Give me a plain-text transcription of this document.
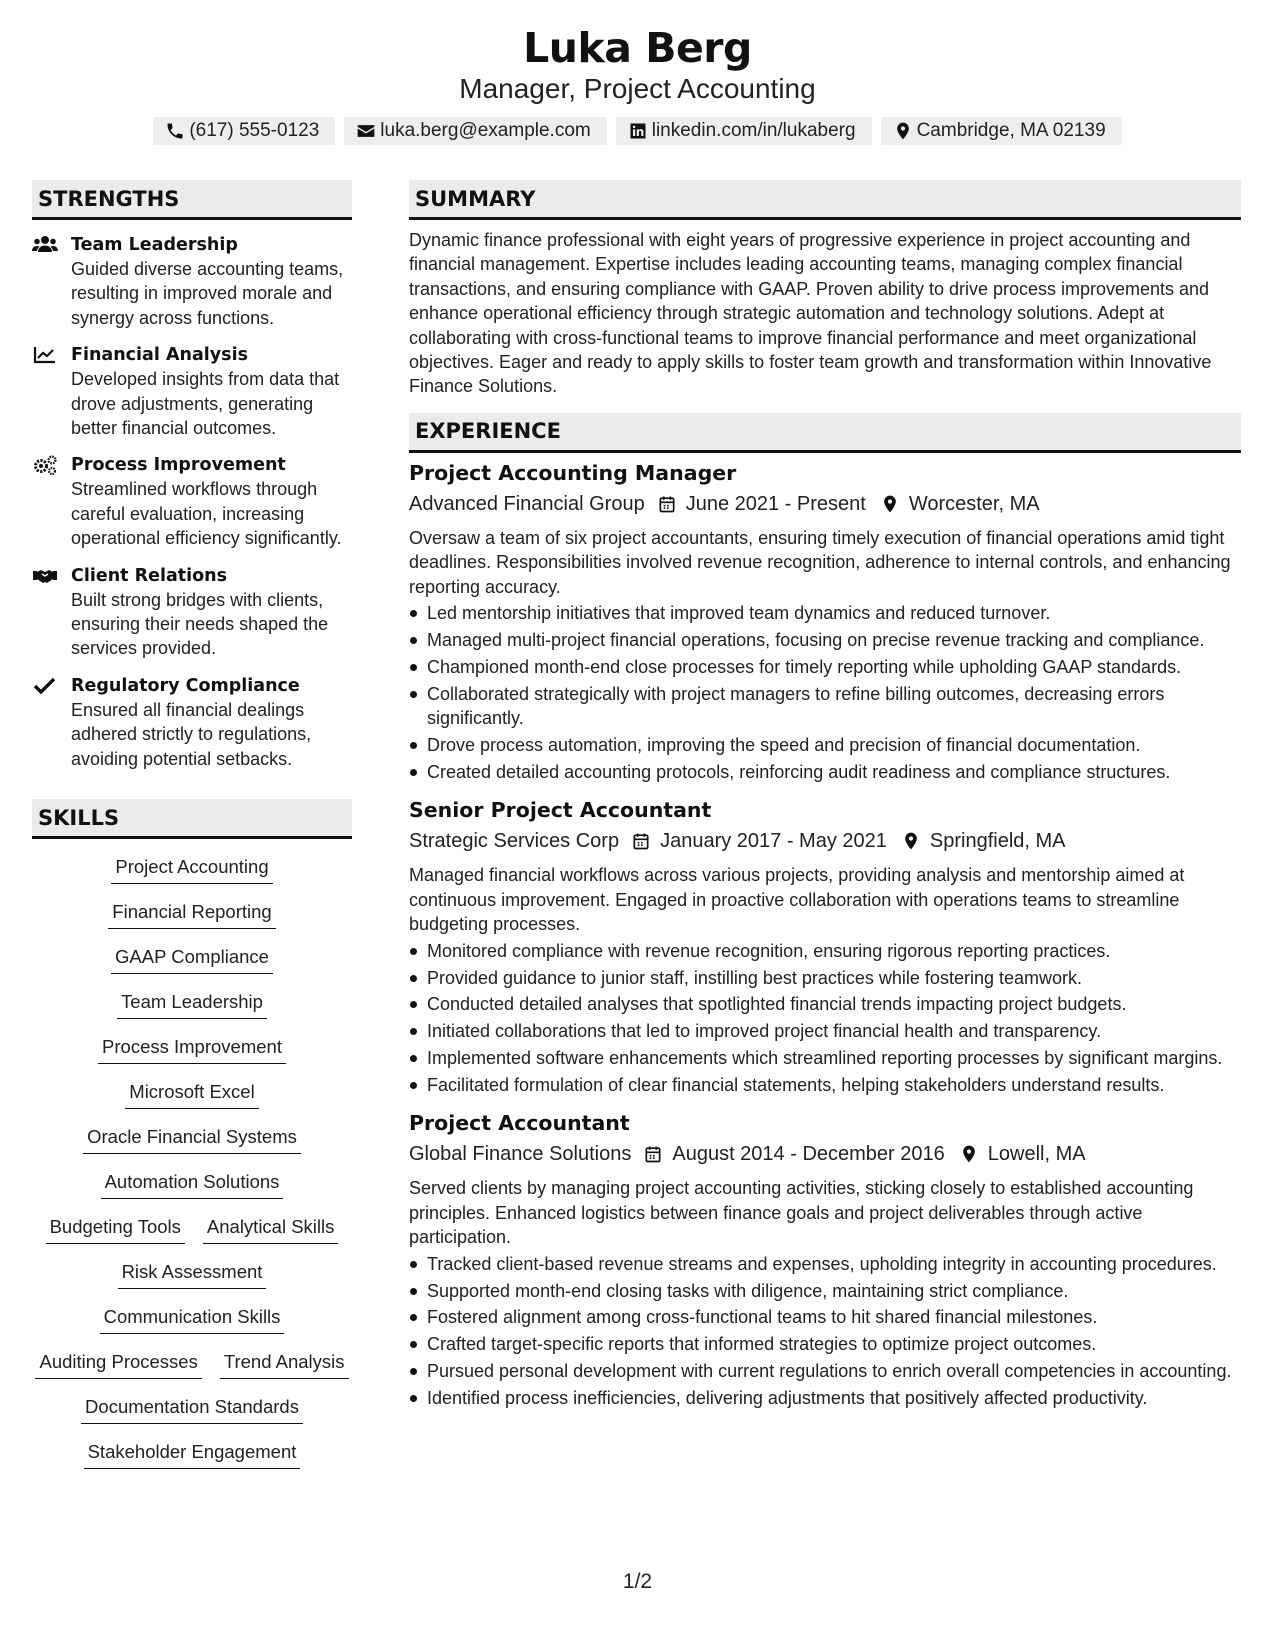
Luka Berg
Manager, Project Accounting
(617) 555-0123	luka.berg@example.com	linkedin.com/in/lukaberg	Cambridge, MA 02139
STRENGTHS
Team Leadership
Guided diverse accounting teams, resulting in improved morale and synergy across functions.
Financial Analysis
Developed insights from data that drove adjustments, generating better financial outcomes.
Process Improvement
Streamlined workflows through careful evaluation, increasing operational efficiency significantly.
Client Relations
Built strong bridges with clients, ensuring their needs shaped the services provided.
Regulatory Compliance
Ensured all financial dealings adhered strictly to regulations, avoiding potential setbacks.
SKILLS
Project Accounting
Financial Reporting
GAAP Compliance
Team Leadership
Process Improvement
Microsoft Excel
Oracle Financial Systems
Automation Solutions
Budgeting Tools Analytical Skills
Risk Assessment
Communication Skills
Auditing Processes Trend Analysis
Documentation Standards
Stakeholder Engagement
SUMMARY
Dynamic finance professional with eight years of progressive experience in project accounting and financial management. Expertise includes leading accounting teams, managing complex financial transactions, and ensuring compliance with GAAP. Proven ability to drive process improvements and enhance operational efficiency through strategic automation and technology solutions. Adept at collaborating with cross-functional teams to improve financial performance and meet organizational objectives. Eager and ready to apply skills to foster team growth and transformation within Innovative Finance Solutions.
EXPERIENCE
Project Accounting Manager
Advanced Financial Group June 2021 - Present Worcester, MA
Oversaw a team of six project accountants, ensuring timely execution of financial operations amid tight deadlines. Responsibilities involved revenue recognition, adherence to internal controls, and enhancing reporting accuracy.
Led mentorship initiatives that improved team dynamics and reduced turnover.
Managed multi-project financial operations, focusing on precise revenue tracking and compliance.
Championed month-end close processes for timely reporting while upholding GAAP standards.
Collaborated strategically with project managers to refine billing outcomes, decreasing errors significantly.
Drove process automation, improving the speed and precision of financial documentation.
Created detailed accounting protocols, reinforcing audit readiness and compliance structures.
Senior Project Accountant
Strategic Services Corp January 2017 - May 2021 Springfield, MA
Managed financial workflows across various projects, providing analysis and mentorship aimed at continuous improvement. Engaged in proactive collaboration with operations teams to streamline budgeting processes.
Monitored compliance with revenue recognition, ensuring rigorous reporting practices.
Provided guidance to junior staff, instilling best practices while fostering teamwork.
Conducted detailed analyses that spotlighted financial trends impacting project budgets.
Initiated collaborations that led to improved project financial health and transparency.
Implemented software enhancements which streamlined reporting processes by significant margins.
Facilitated formulation of clear financial statements, helping stakeholders understand results.
Project Accountant
Global Finance Solutions August 2014 - December 2016 Lowell, MA
Served clients by managing project accounting activities, sticking closely to established accounting principles. Enhanced logistics between finance goals and project deliverables through active participation.
Tracked client-based revenue streams and expenses, upholding integrity in accounting procedures.
Supported month-end closing tasks with diligence, maintaining strict compliance.
Fostered alignment among cross-functional teams to hit shared financial milestones.
Crafted target-specific reports that informed strategies to optimize project outcomes.
Pursued personal development with current regulations to enrich overall competencies in accounting.
Identified process inefficiencies, delivering adjustments that positively affected productivity.
1/2
